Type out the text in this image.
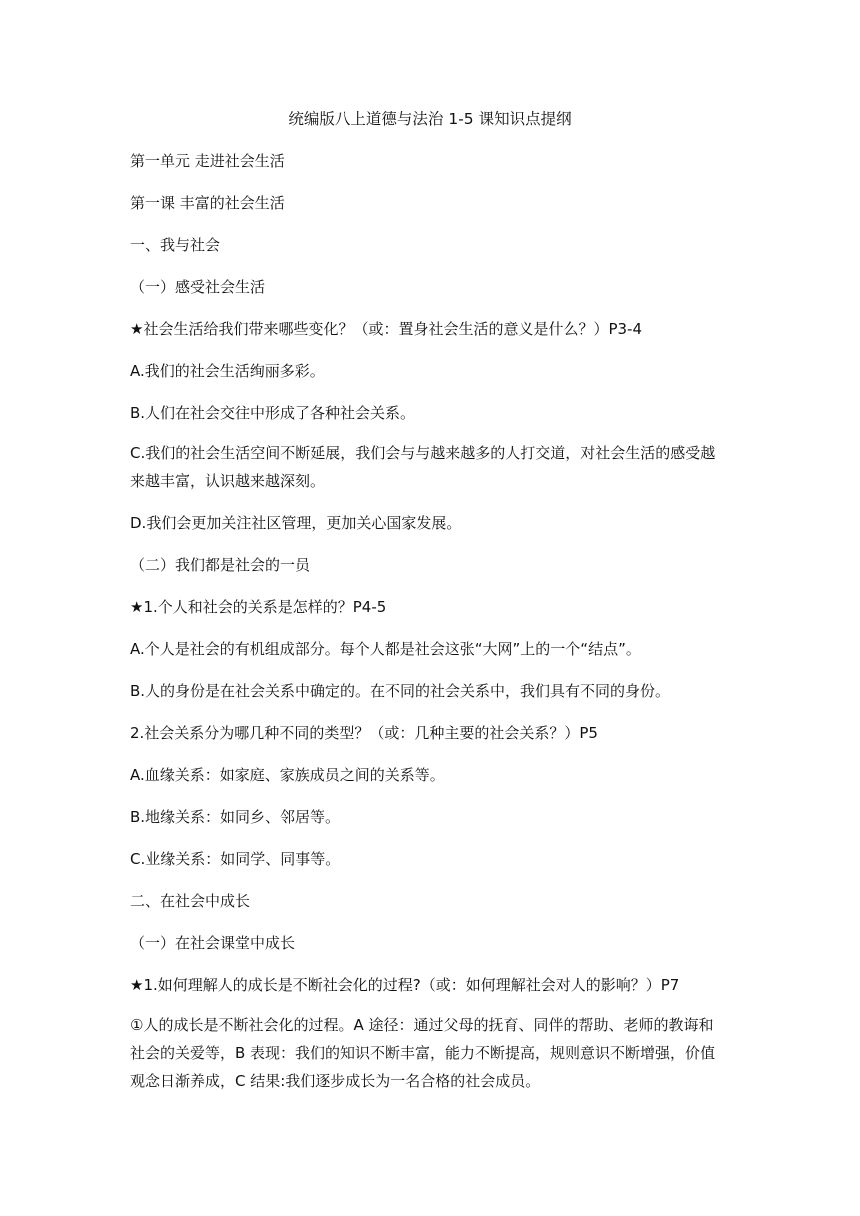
统编版八上道德与法治 1-5 课知识点提纲
第一单元 走进社会生活
第一课 丰富的社会生活
一、我与社会
（一）感受社会生活
★社会生活给我们带来哪些变化？（或：置身社会生活的意义是什么？）P3-4
A.我们的社会生活绚丽多彩。
B.人们在社会交往中形成了各种社会关系。
C.我们的社会生活空间不断延展，我们会与与越来越多的人打交道，对社会生活的感受越来越丰富，认识越来越深刻。
D.我们会更加关注社区管理，更加关心国家发展。
（二）我们都是社会的一员
★1.个人和社会的关系是怎样的？P4-5
A.个人是社会的有机组成部分。每个人都是社会这张“大网”上的一个“结点”。
B.人的身份是在社会关系中确定的。在不同的社会关系中，我们具有不同的身份。
2.社会关系分为哪几种不同的类型？（或：几种主要的社会关系？）P5
A.血缘关系：如家庭、家族成员之间的关系等。
B.地缘关系：如同乡、邻居等。
C.业缘关系：如同学、同事等。
二、在社会中成长
（一）在社会课堂中成长
★1.如何理解人的成长是不断社会化的过程?（或：如何理解社会对人的影响？）P7
①人的成长是不断社会化的过程。A 途径：通过父母的抚育、同伴的帮助、老师的教诲和社会的关爱等，B 表现：我们的知识不断丰富，能力不断提高，规则意识不断增强，价值观念日渐养成，C 结果:我们逐步成长为一名合格的社会成员。
